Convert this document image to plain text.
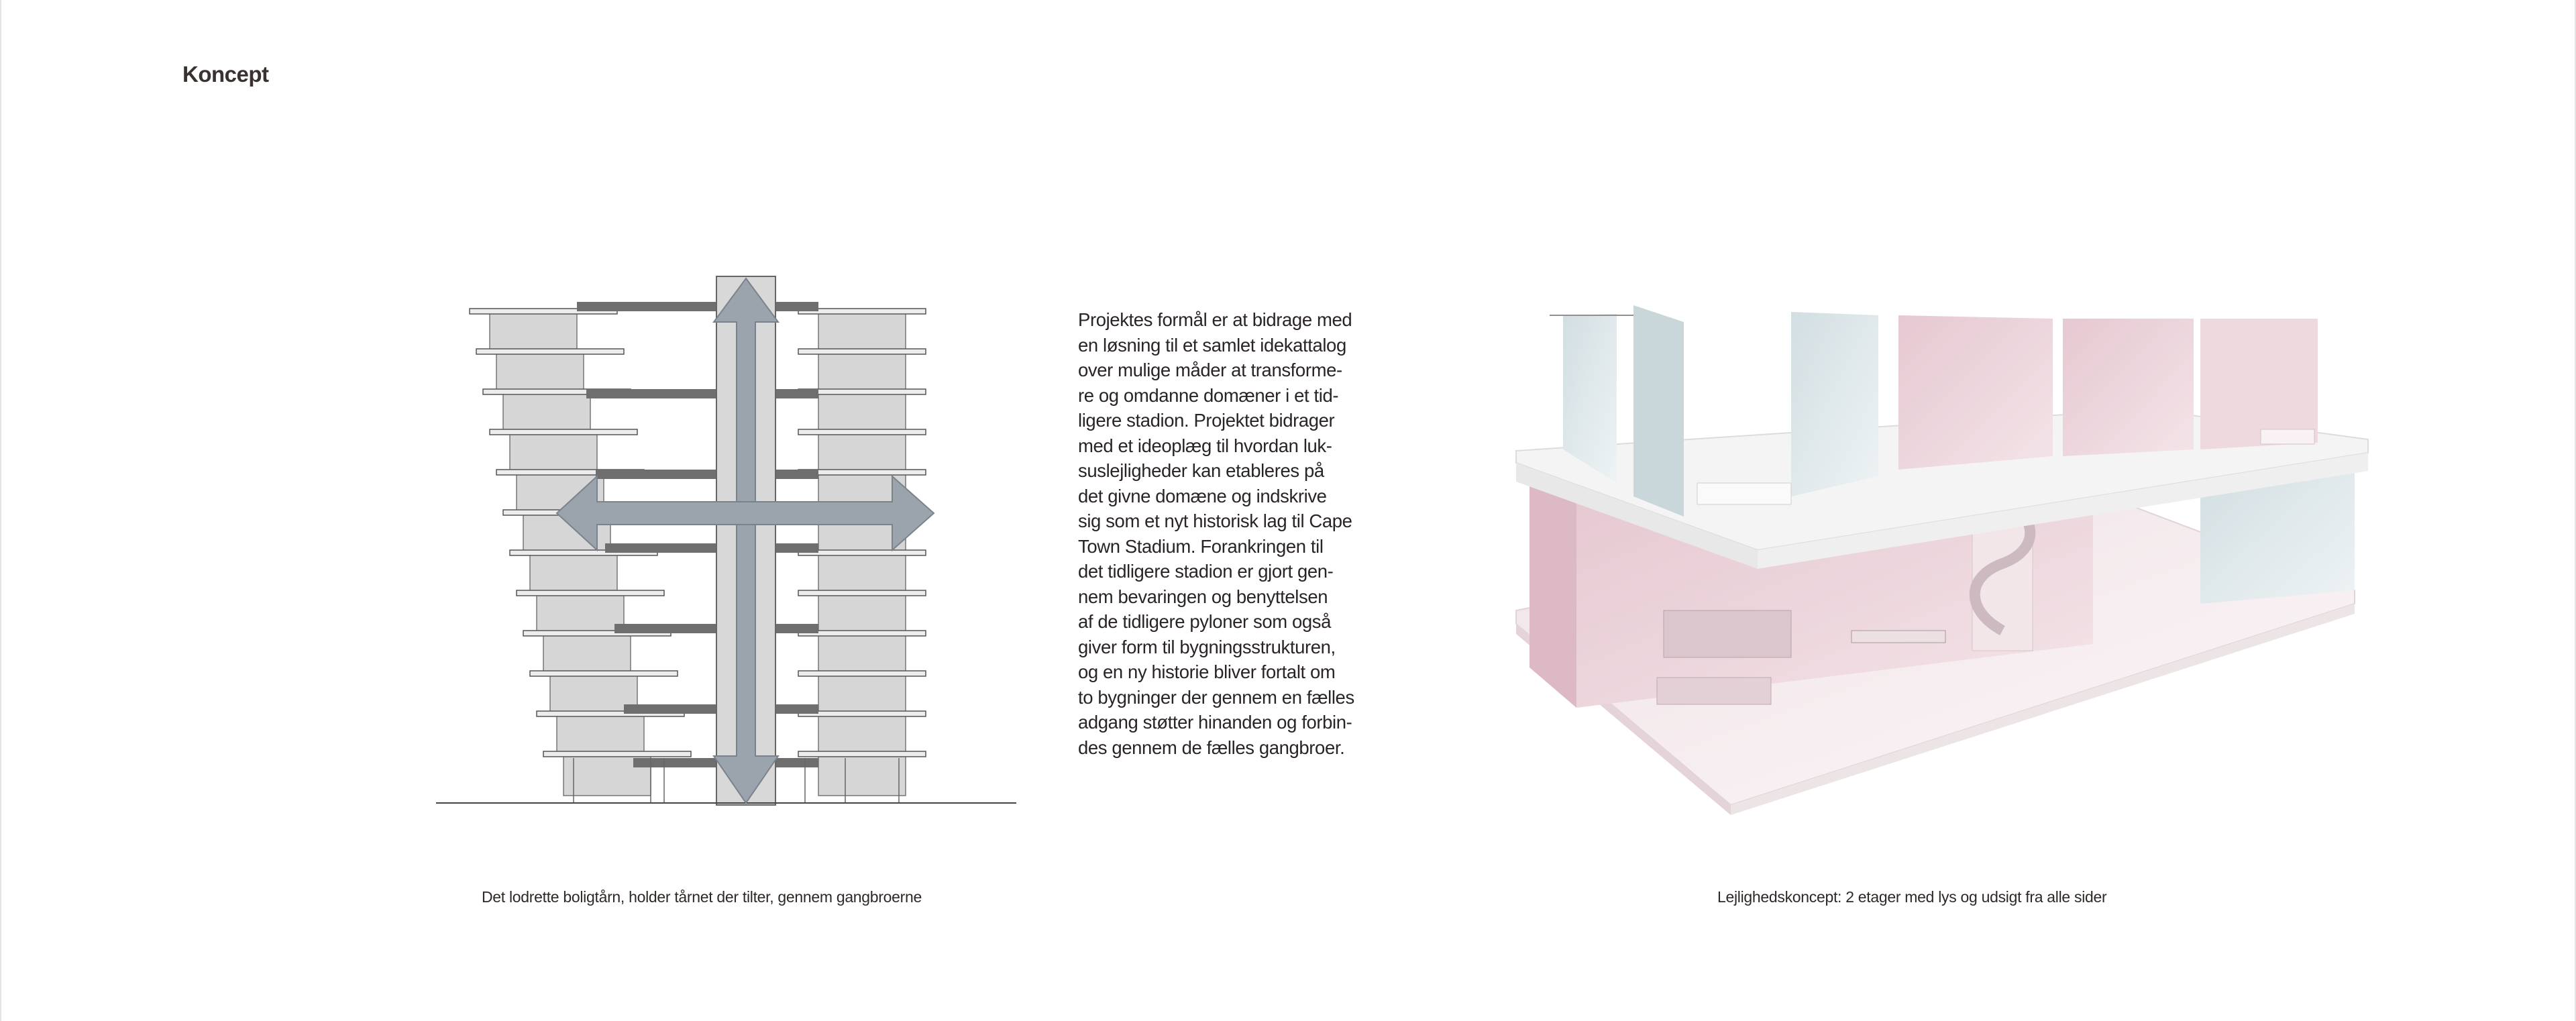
Koncept
Projektes formål er at bidrage med
en løsning til et samlet idekattalog
over mulige måder at transforme-
re og omdanne domæner i et tid-
ligere stadion. Projektet bidrager
med et ideoplæg til hvordan luk-
suslejligheder kan etableres på
det givne domæne og indskrive
sig som et nyt historisk lag til Cape
Town Stadium. Forankringen til
det tidligere stadion er gjort gen-
nem bevaringen og benyttelsen
af de tidligere pyloner som også
giver form til bygningsstrukturen,
og en ny historie bliver fortalt om
to bygninger der gennem en fælles
adgang støtter hinanden og forbin-
des gennem de fælles gangbroer.
Det lodrette boligtårn, holder tårnet der tilter, gennem gangbroerne	Lejlighedskoncept: 2 etager med lys og udsigt fra alle sider
